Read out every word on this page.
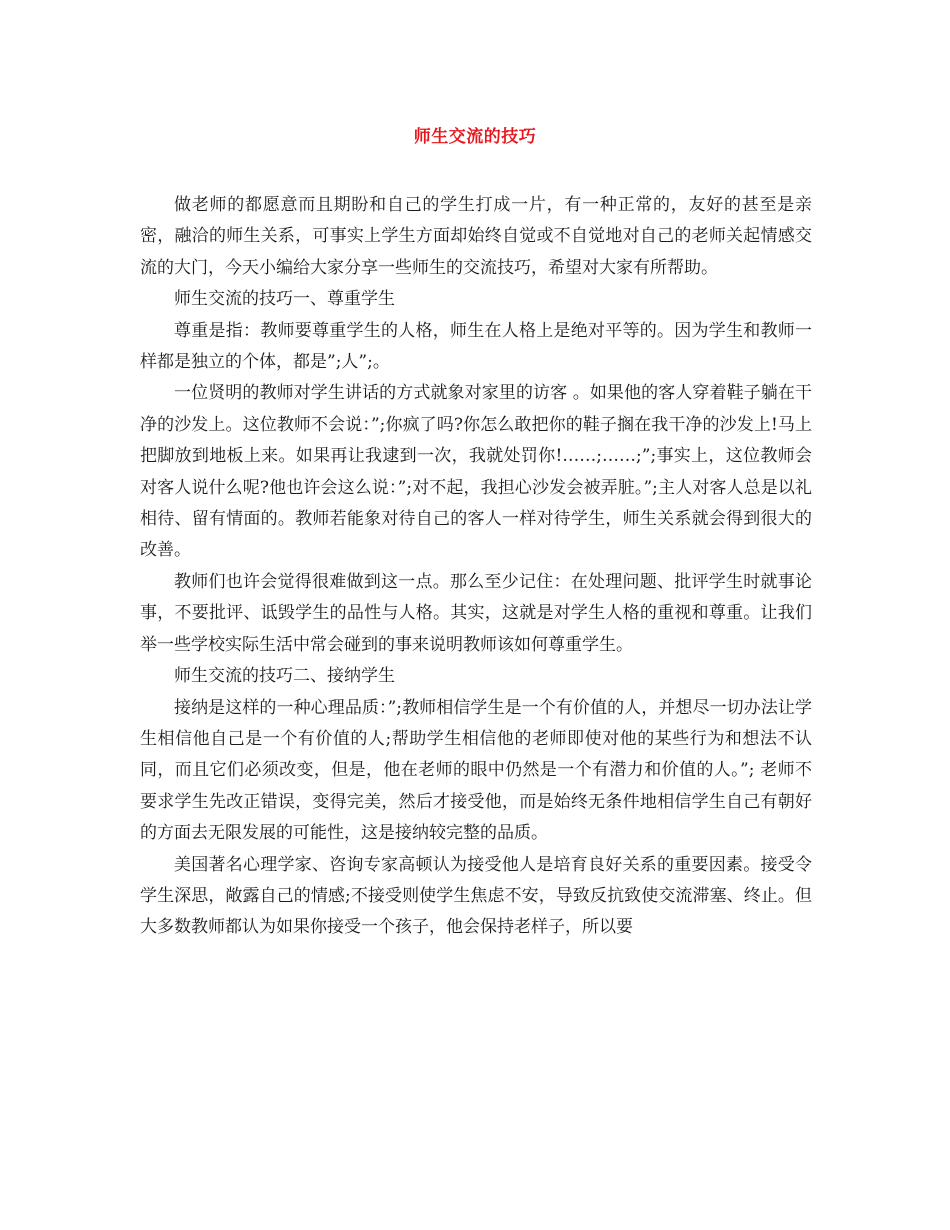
师生交流的技巧

做老师的都愿意而且期盼和自己的学生打成一片，有一种正常的，友好的甚至是亲密，融洽的师生关系，可事实上学生方面却始终自觉或不自觉地对自己的老师关起情感交流的大门，今天小编给大家分享一些师生的交流技巧，希望对大家有所帮助。

师生交流的技巧一、尊重学生

尊重是指：教师要尊重学生的人格，师生在人格上是绝对平等的。因为学生和教师一样都是独立的个体，都是”;人”;。

一位贤明的教师对学生讲话的方式就象对家里的访客 。如果他的客人穿着鞋子躺在干净的沙发上。这位教师不会说：”;你疯了吗?你怎么敢把你的鞋子搁在我干净的沙发上!马上把脚放到地板上来。如果再让我逮到一次，我就处罚你!……;……;”;事实上，这位教师会对客人说什么呢?他也许会这么说：”;对不起，我担心沙发会被弄脏。”;主人对客人总是以礼相待、留有情面的。教师若能象对待自己的客人一样对待学生，师生关系就会得到很大的改善。

教师们也许会觉得很难做到这一点。那么至少记住：在处理问题、批评学生时就事论事，不要批评、诋毁学生的品性与人格。其实，这就是对学生人格的重视和尊重。让我们举一些学校实际生活中常会碰到的事来说明教师该如何尊重学生。

师生交流的技巧二、接纳学生

接纳是这样的一种心理品质：”;教师相信学生是一个有价值的人，并想尽一切办法让学生相信他自己是一个有价值的人;帮助学生相信他的老师即使对他的某些行为和想法不认同，而且它们必须改变，但是，他在老师的眼中仍然是一个有潜力和价值的人。”; 老师不要求学生先改正错误，变得完美，然后才接受他，而是始终无条件地相信学生自己有朝好的方面去无限发展的可能性，这是接纳较完整的品质。

美国著名心理学家、咨询专家高顿认为接受他人是培育良好关系的重要因素。接受令学生深思，敞露自己的情感;不接受则使学生焦虑不安，导致反抗致使交流滞塞、终止。但大多数教师都认为如果你接受一个孩子，他会保持老样子，所以要
